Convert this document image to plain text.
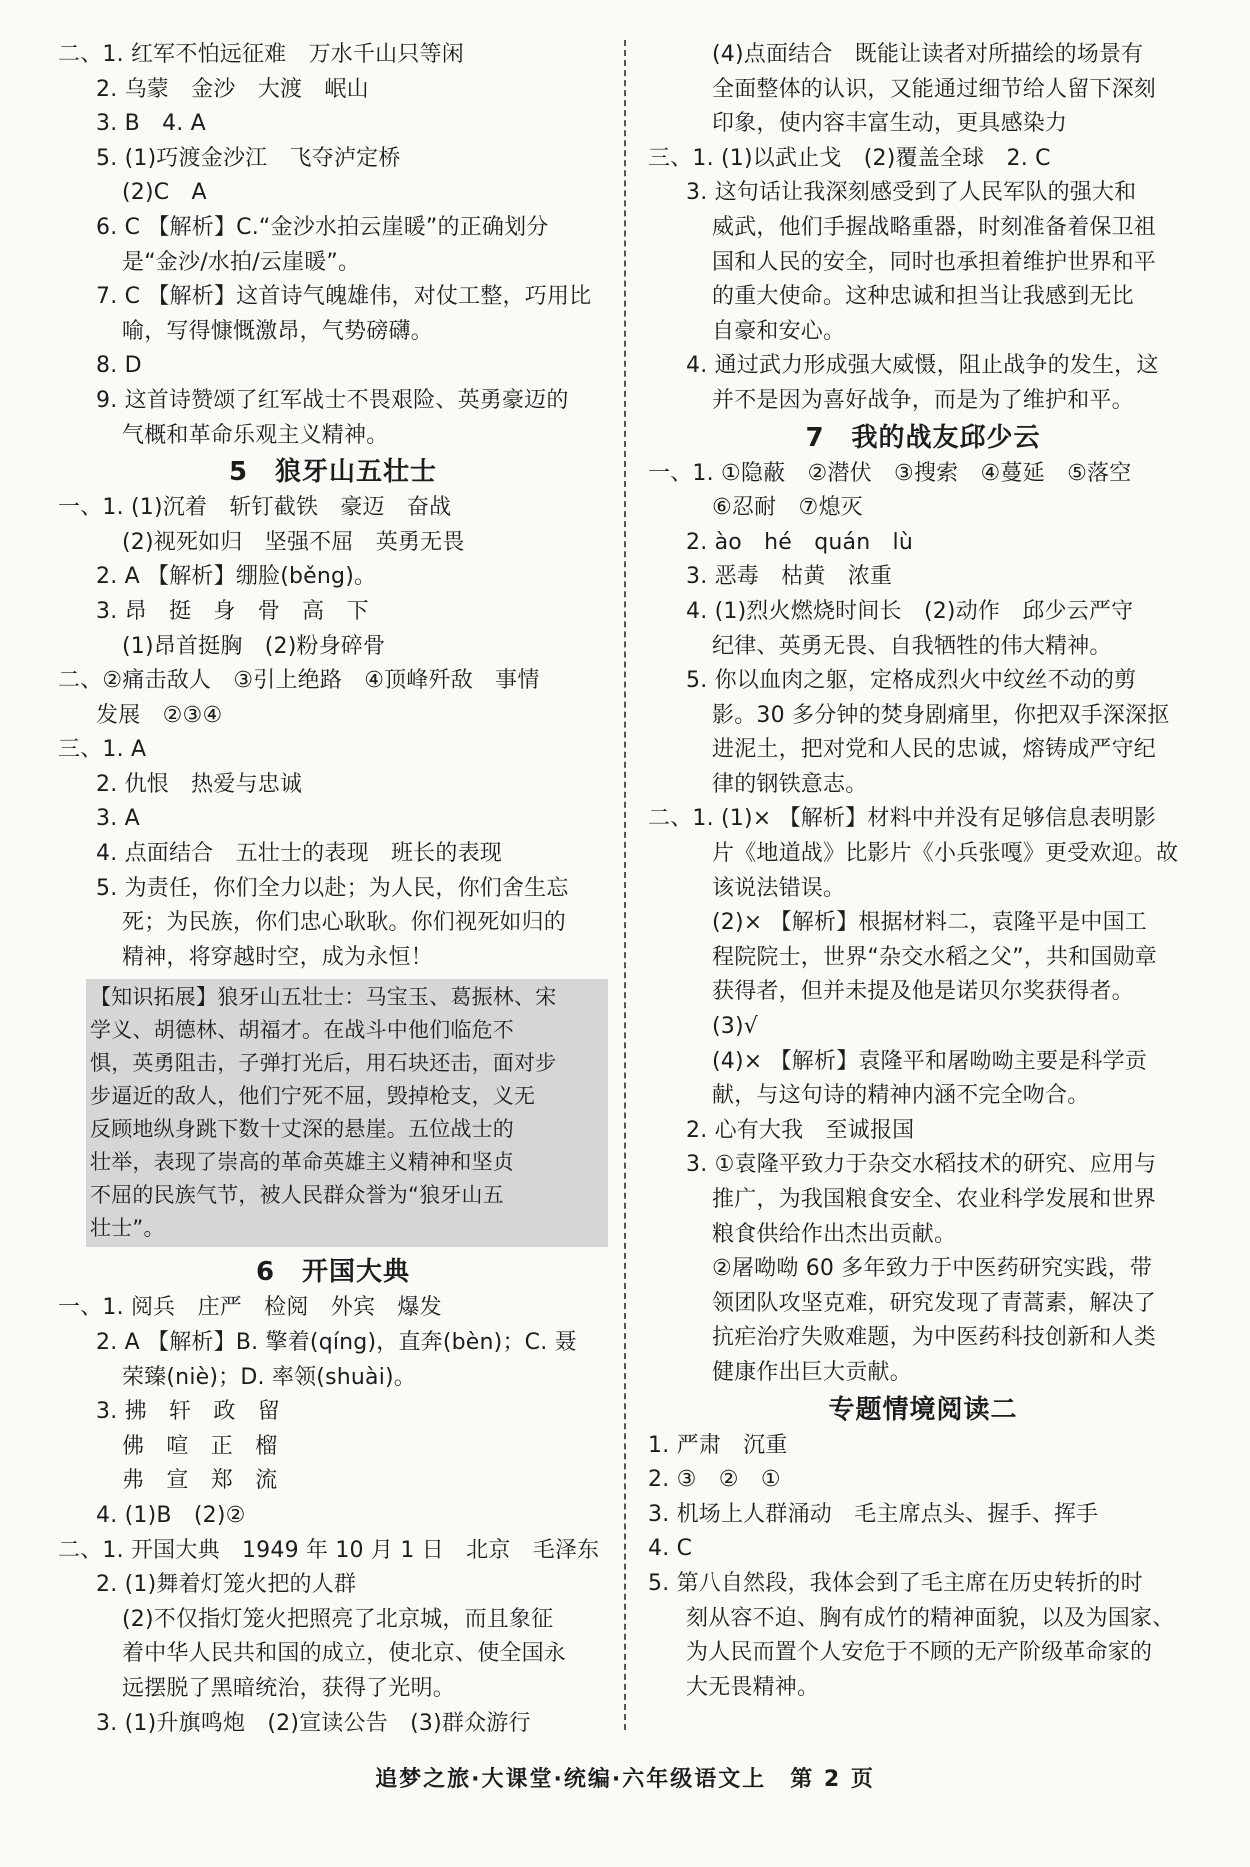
二、1. 红军不怕远征难　万水千山只等闲
2. 乌蒙　金沙　大渡　岷山
3. B　4. A
5. (1)巧渡金沙江　飞夺泸定桥
(2)C　A
6. C 【解析】C.“金沙水拍云崖暖”的正确划分
是“金沙/水拍/云崖暖”。
7. C 【解析】这首诗气魄雄伟，对仗工整，巧用比
喻，写得慷慨激昂，气势磅礴。
8. D
9. 这首诗赞颂了红军战士不畏艰险、英勇豪迈的
气概和革命乐观主义精神。
5　狼牙山五壮士
一、1. (1)沉着　斩钉截铁　豪迈　奋战
(2)视死如归　坚强不屈　英勇无畏
2. A 【解析】绷脸(běng)。
3. 昂　挺　身　骨　高　下
(1)昂首挺胸　(2)粉身碎骨
二、②痛击敌人　③引上绝路　④顶峰歼敌　事情
发展　②③④
三、1. A
2. 仇恨　热爱与忠诚
3. A
4. 点面结合　五壮士的表现　班长的表现
5. 为责任，你们全力以赴；为人民，你们舍生忘
死；为民族，你们忠心耿耿。你们视死如归的
精神，将穿越时空，成为永恒！
【知识拓展】狼牙山五壮士：马宝玉、葛振林、宋
学义、胡德林、胡福才。在战斗中他们临危不
惧，英勇阻击，子弹打光后，用石块还击，面对步
步逼近的敌人，他们宁死不屈，毁掉枪支，义无
反顾地纵身跳下数十丈深的悬崖。五位战士的
壮举，表现了崇高的革命英雄主义精神和坚贞
不屈的民族气节，被人民群众誉为“狼牙山五
壮士”。
6　开国大典
一、1. 阅兵　庄严　检阅　外宾　爆发
2. A 【解析】B. 擎着(qíng)，直奔(bèn)；C. 聂
荣臻(niè)；D. 率领(shuài)。
3. 拂　轩　政　留
佛　喧　正　榴
弗　宣　郑　流
4. (1)B　(2)②
二、1. 开国大典　1949 年 10 月 1 日　北京　毛泽东
2. (1)舞着灯笼火把的人群
(2)不仅指灯笼火把照亮了北京城，而且象征
着中华人民共和国的成立，使北京、使全国永
远摆脱了黑暗统治，获得了光明。
3. (1)升旗鸣炮　(2)宣读公告　(3)群众游行
(4)点面结合　既能让读者对所描绘的场景有
全面整体的认识，又能通过细节给人留下深刻
印象，使内容丰富生动，更具感染力
三、1. (1)以武止戈　(2)覆盖全球　2. C
3. 这句话让我深刻感受到了人民军队的强大和
威武，他们手握战略重器，时刻准备着保卫祖
国和人民的安全，同时也承担着维护世界和平
的重大使命。这种忠诚和担当让我感到无比
自豪和安心。
4. 通过武力形成强大威慑，阻止战争的发生，这
并不是因为喜好战争，而是为了维护和平。
7　我的战友邱少云
一、1. ①隐蔽　②潜伏　③搜索　④蔓延　⑤落空
⑥忍耐　⑦熄灭
2. ào　hé　quán　lù
3. 恶毒　枯黄　浓重
4. (1)烈火燃烧时间长　(2)动作　邱少云严守
纪律、英勇无畏、自我牺牲的伟大精神。
5. 你以血肉之躯，定格成烈火中纹丝不动的剪
影。30 多分钟的焚身剧痛里，你把双手深深抠
进泥土，把对党和人民的忠诚，熔铸成严守纪
律的钢铁意志。
二、1. (1)× 【解析】材料中并没有足够信息表明影
片《地道战》比影片《小兵张嘎》更受欢迎。故
该说法错误。
(2)× 【解析】根据材料二，袁隆平是中国工
程院院士，世界“杂交水稻之父”，共和国勋章
获得者，但并未提及他是诺贝尔奖获得者。
(3)√
(4)× 【解析】袁隆平和屠呦呦主要是科学贡
献，与这句诗的精神内涵不完全吻合。
2. 心有大我　至诚报国
3. ①袁隆平致力于杂交水稻技术的研究、应用与
推广，为我国粮食安全、农业科学发展和世界
粮食供给作出杰出贡献。
②屠呦呦 60 多年致力于中医药研究实践，带
领团队攻坚克难，研究发现了青蒿素，解决了
抗疟治疗失败难题，为中医药科技创新和人类
健康作出巨大贡献。
专题情境阅读二
1. 严肃　沉重
2. ③　②　①
3. 机场上人群涌动　毛主席点头、握手、挥手
4. C
5. 第八自然段，我体会到了毛主席在历史转折的时
刻从容不迫、胸有成竹的精神面貌，以及为国家、
为人民而置个人安危于不顾的无产阶级革命家的
大无畏精神。
追梦之旅·大课堂·统编·六年级语文上　第 2 页
